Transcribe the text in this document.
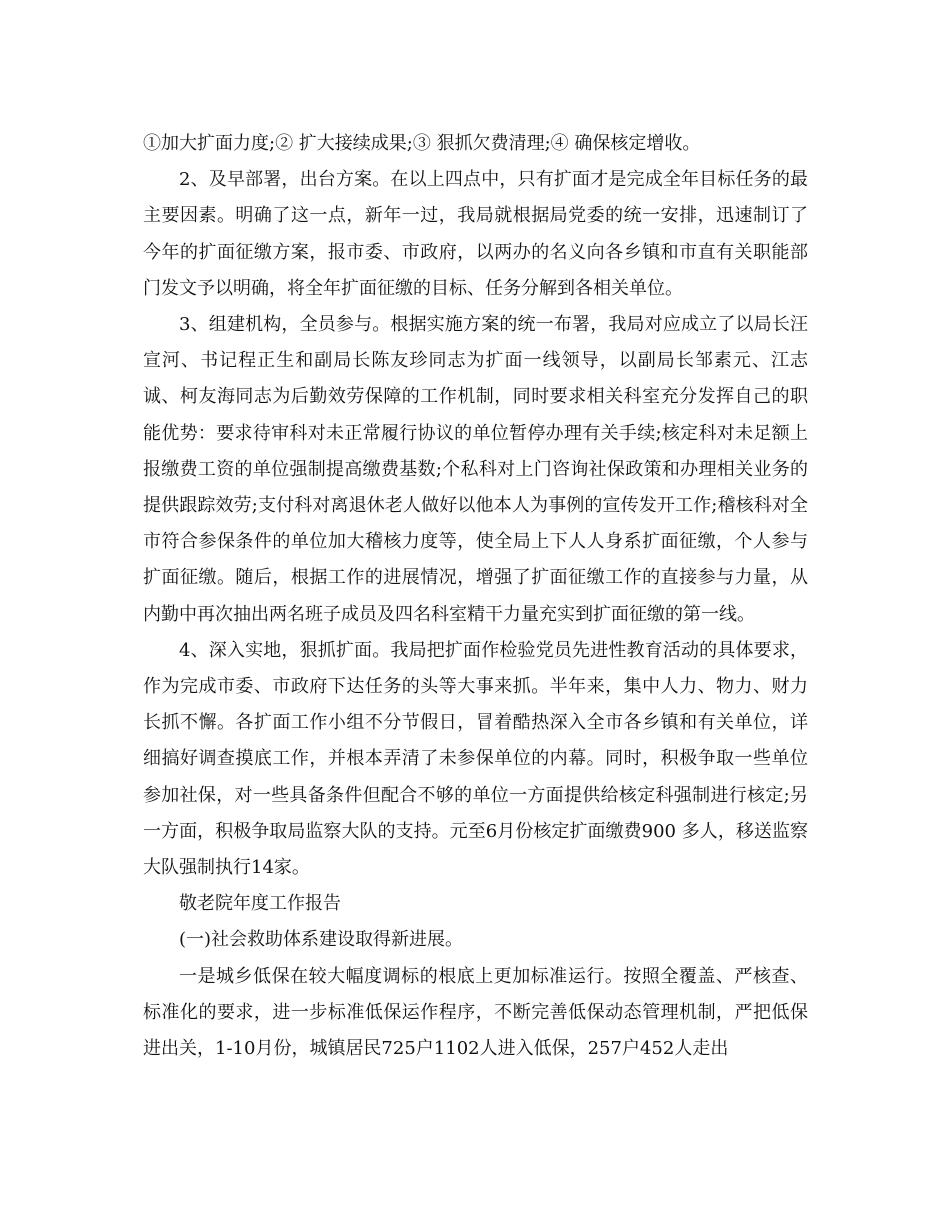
①加大扩面力度;② 扩大接续成果;③ 狠抓欠费清理;④ 确保核定增收。

2、及早部署，出台方案。在以上四点中，只有扩面才是完成全年目标任务的最主要因素。明确了这一点，新年一过，我局就根据局党委的统一安排，迅速制订了今年的扩面征缴方案，报市委、市政府，以两办的名义向各乡镇和市直有关职能部门发文予以明确，将全年扩面征缴的目标、任务分解到各相关单位。

3、组建机构，全员参与。根据实施方案的统一布署，我局对应成立了以局长汪宣河、书记程正生和副局长陈友珍同志为扩面一线领导，以副局长邹素元、江志诚、柯友海同志为后勤效劳保障的工作机制，同时要求相关科室充分发挥自己的职能优势：要求待审科对未正常履行协议的单位暂停办理有关手续;核定科对未足额上报缴费工资的单位强制提高缴费基数;个私科对上门咨询社保政策和办理相关业务的提供跟踪效劳;支付科对离退休老人做好以他本人为事例的宣传发开工作;稽核科对全市符合参保条件的单位加大稽核力度等，使全局上下人人身系扩面征缴，个人参与扩面征缴。随后，根据工作的进展情况，增强了扩面征缴工作的直接参与力量，从内勤中再次抽出两名班子成员及四名科室精干力量充实到扩面征缴的第一线。

4、深入实地，狠抓扩面。我局把扩面作检验党员先进性教育活动的具体要求，作为完成市委、市政府下达任务的头等大事来抓。半年来，集中人力、物力、财力长抓不懈。各扩面工作小组不分节假日，冒着酷热深入全市各乡镇和有关单位，详细搞好调查摸底工作，并根本弄清了未参保单位的内幕。同时，积极争取一些单位参加社保，对一些具备条件但配合不够的单位一方面提供给核定科强制进行核定;另一方面，积极争取局监察大队的支持。元至6月份核定扩面缴费900 多人，移送监察大队强制执行14家。

敬老院年度工作报告

(一)社会救助体系建设取得新进展。

一是城乡低保在较大幅度调标的根底上更加标准运行。按照全覆盖、严核查、标准化的要求，进一步标准低保运作程序，不断完善低保动态管理机制，严把低保进出关，1-10月份，城镇居民725户1102人进入低保，257户452人走出
